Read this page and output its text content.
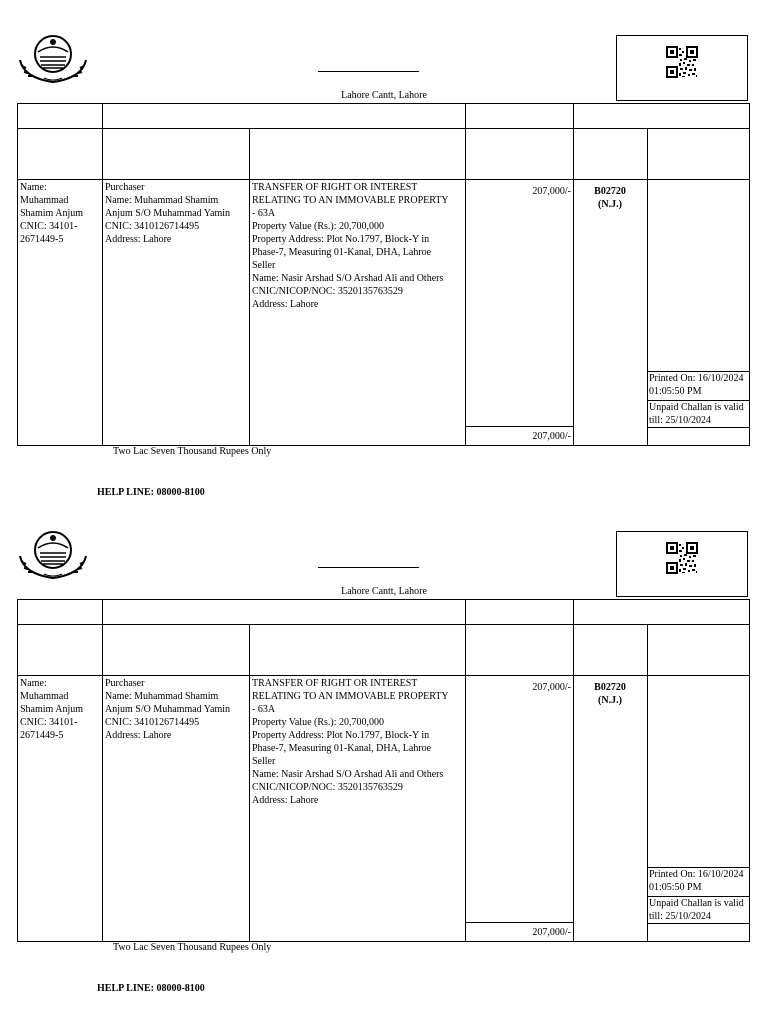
Lahore Cantt, Lahore
Name:
Muhammad
Shamim Anjum
CNIC: 34101-
2671449-5
Purchaser
Name: Muhammad Shamim
Anjum S/O Muhammad Yamin
CNIC: 3410126714495
Address: Lahore
TRANSFER OF RIGHT OR INTEREST
RELATING TO AN IMMOVABLE PROPERTY
- 63A
Property Value (Rs.): 20,700,000
Property Address: Plot No.1797, Block-Y in
Phase-7, Measuring 01-Kanal, DHA, Lahroe
Seller
Name: Nasir Arshad S/O Arshad Ali and Others
CNIC/NICOP/NOC: 3520135763529
Address: Lahore
207,000/-	B02720
(N.J.)
Printed On: 16/10/2024
01:05:50 PM
Unpaid Challan is valid
till: 25/10/2024
207,000/-
Two Lac Seven Thousand Rupees Only
HELP LINE: 08000-8100
Lahore Cantt, Lahore
Name:
Muhammad
Shamim Anjum
CNIC: 34101-
2671449-5
Purchaser
Name: Muhammad Shamim
Anjum S/O Muhammad Yamin
CNIC: 3410126714495
Address: Lahore
TRANSFER OF RIGHT OR INTEREST
RELATING TO AN IMMOVABLE PROPERTY
- 63A
Property Value (Rs.): 20,700,000
Property Address: Plot No.1797, Block-Y in
Phase-7, Measuring 01-Kanal, DHA, Lahroe
Seller
Name: Nasir Arshad S/O Arshad Ali and Others
CNIC/NICOP/NOC: 3520135763529
Address: Lahore
207,000/-	B02720
(N.J.)
Printed On: 16/10/2024
01:05:50 PM
Unpaid Challan is valid
till: 25/10/2024
207,000/-
Two Lac Seven Thousand Rupees Only
HELP LINE: 08000-8100
